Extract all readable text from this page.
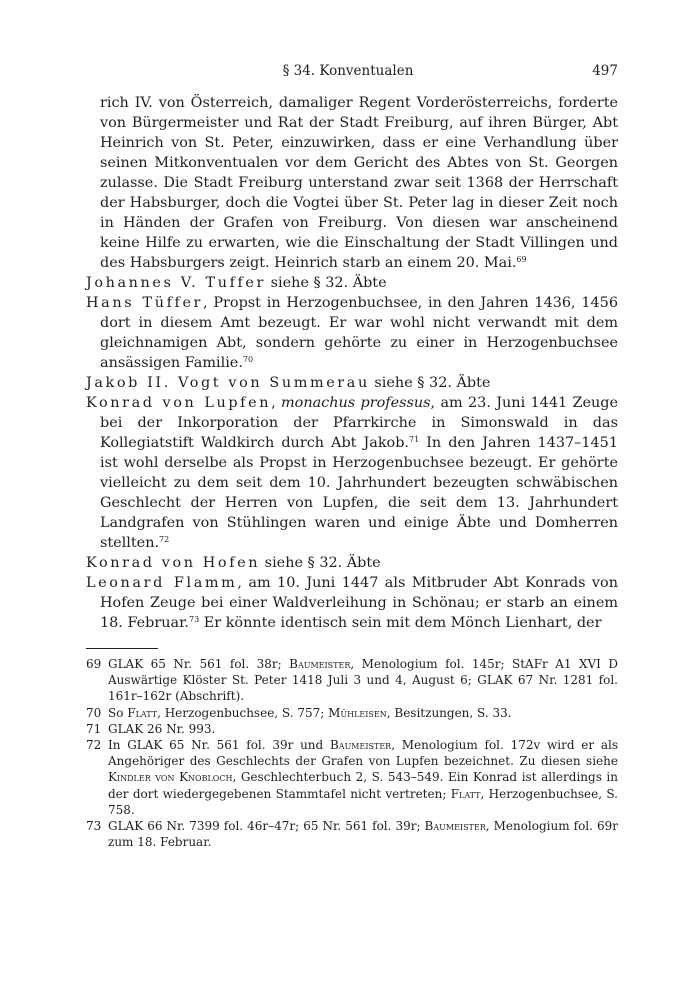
§ 34. Konventualen	497
rich IV. von Österreich, damaliger Regent Vorderösterreichs, forderte von Bürgermeister und Rat der Stadt Freiburg, auf ihren Bürger, Abt Heinrich von St. Peter, einzuwirken, dass er eine Verhandlung über seinen Mitkonventualen vor dem Gericht des Abtes von St. Georgen zulasse. Die Stadt Freiburg unterstand zwar seit 1368 der Herrschaft der Habsburger, doch die Vogtei über St. Peter lag in dieser Zeit noch in Händen der Grafen von Freiburg. Von diesen war anscheinend keine Hilfe zu erwarten, wie die Einschaltung der Stadt Villingen und des Habsburgers zeigt. Heinrich starb an einem 20. Mai.$^{69}$
Johannes V. Tuffer siehe § 32. Äbte
Hans Tüffer, Propst in Herzogenbuchsee, in den Jahren 1436, 1456 dort in diesem Amt bezeugt. Er war wohl nicht verwandt mit dem gleichnamigen Abt, sondern gehörte zu einer in Herzogenbuchsee ansässigen Familie.$^{70}$
Jakob II. Vogt von Summerau siehe § 32. Äbte
Konrad von Lupfen, monachus professus, am 23. Juni 1441 Zeuge bei der Inkorporation der Pfarrkirche in Simonswald in das Kollegiatstift Waldkirch durch Abt Jakob.$^{71}$ In den Jahren 1437–1451 ist wohl derselbe als Propst in Herzogenbuchsee bezeugt. Er gehörte vielleicht zu dem seit dem 10. Jahrhundert bezeugten schwäbischen Geschlecht der Herren von Lupfen, die seit dem 13. Jahrhundert Landgrafen von Stühlingen waren und einige Äbte und Domherren stellten.$^{72}$
Konrad von Hofen siehe § 32. Äbte
Leonard Flamm, am 10. Juni 1447 als Mitbruder Abt Konrads von Hofen Zeuge bei einer Waldverleihung in Schönau; er starb an einem 18. Februar.$^{73}$ Er könnte identisch sein mit dem Mönch Lienhart, der
69 GLAK 65 Nr. 561 fol. 38r; Baumeister, Menologium fol. 145r; StAFr A1 XVI D Auswärtige Klöster St. Peter 1418 Juli 3 und 4, August 6; GLAK 67 Nr. 1281 fol. 161r–162r (Abschrift).
70 So Flatt, Herzogenbuchsee, S. 757; Mühleisen, Besitzungen, S. 33.
71 GLAK 26 Nr. 993.
72 In GLAK 65 Nr. 561 fol. 39r und Baumeister, Menologium fol. 172v wird er als Angehöriger des Geschlechts der Grafen von Lupfen bezeichnet. Zu diesen siehe Kindler von Knobloch, Geschlechterbuch 2, S. 543–549. Ein Konrad ist allerdings in der dort wiedergegebenen Stammtafel nicht vertreten; Flatt, Herzogenbuchsee, S. 758.
73 GLAK 66 Nr. 7399 fol. 46r–47r; 65 Nr. 561 fol. 39r; Baumeister, Menologium fol. 69r zum 18. Februar.
